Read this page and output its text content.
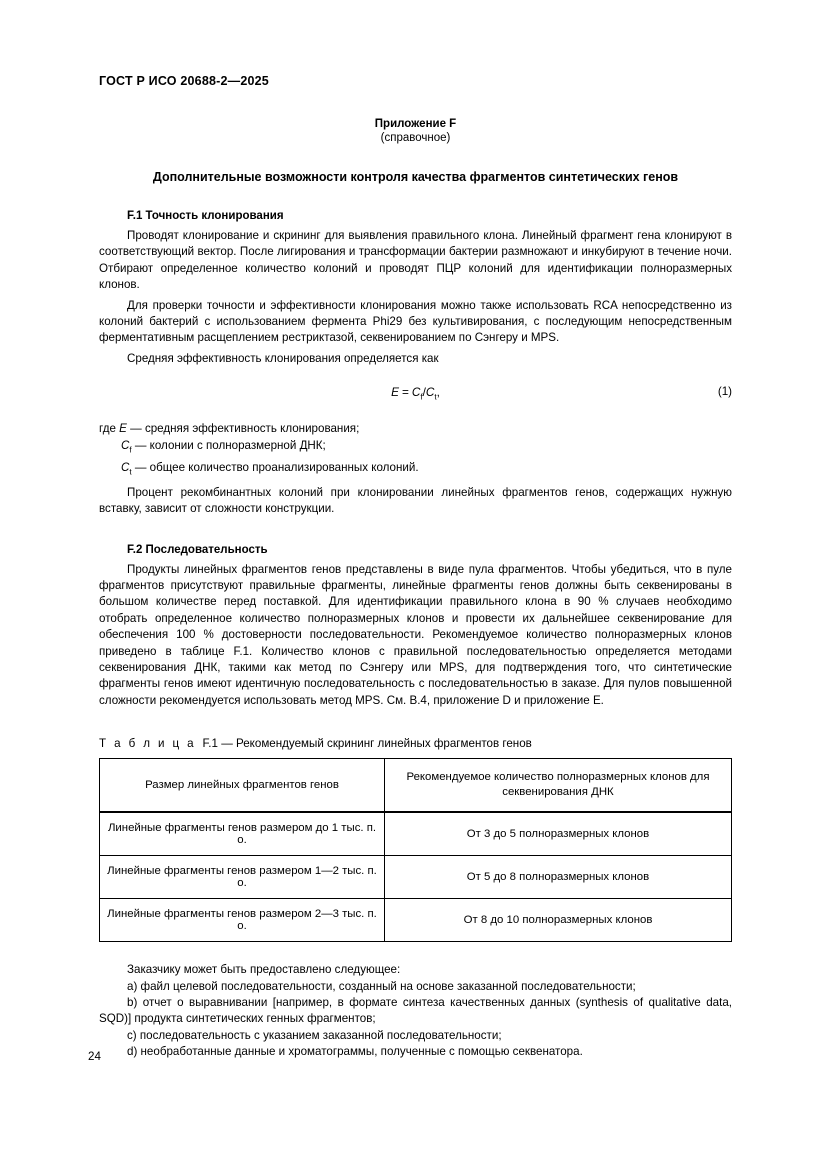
ГОСТ Р ИСО 20688-2—2025
Приложение F
(справочное)
Дополнительные возможности контроля качества фрагментов синтетических генов
F.1 Точность клонирования

Проводят клонирование и скрининг для выявления правильного клона. Линейный фрагмент гена клонируют в соответствующий вектор. После лигирования и трансформации бактерии размножают и инкубируют в течение ночи. Отбирают определенное количество колоний и проводят ПЦР колоний для идентификации полноразмерных клонов.

Для проверки точности и эффективности клонирования можно также использовать RCA непосредственно из колоний бактерий с использованием фермента Phi29 без культивирования, с последующим непосредственным ферментативным расщеплением рестриктазой, секвенированием по Сэнгеру и MPS.

Средняя эффективность клонирования определяется как

$E = C_f/C_t$,	(1)
где E — средняя эффективность клонирования;
$C_f$ — колонии с полноразмерной ДНК;
$C_t$ — общее количество проанализированных колоний.

Процент рекомбинантных колоний при клонировании линейных фрагментов генов, содержащих нужную вставку, зависит от сложности конструкции.

F.2 Последовательность

Продукты линейных фрагментов генов представлены в виде пула фрагментов. Чтобы убедиться, что в пуле фрагментов присутствуют правильные фрагменты, линейные фрагменты генов должны быть секвенированы в большом количестве перед поставкой. Для идентификации правильного клона в 90 % случаев необходимо отобрать определенное количество полноразмерных клонов и провести их дальнейшее секвенирование для обеспечения 100 % достоверности последовательности. Рекомендуемое количество полноразмерных клонов приведено в таблице F.1. Количество клонов с правильной последовательностью определяется методами секвенирования ДНК, такими как метод по Сэнгеру или MPS, для подтверждения того, что синтетические фрагменты генов имеют идентичную последовательность с последовательностью в заказе. Для пулов повышенной сложности рекомендуется использовать метод MPS. См. B.4, приложение D и приложение E.

Т а б л и ц а F.1 — Рекомендуемый скрининг линейных фрагментов генов
Размер линейных фрагментов генов	Рекомендуемое количество полноразмерных клонов для секвенирования ДНК
Линейные фрагменты генов размером до 1 тыс. п. о.	От 3 до 5 полноразмерных клонов
Линейные фрагменты генов размером 1—2 тыс. п. о.	От 5 до 8 полноразмерных клонов
Линейные фрагменты генов размером 2—3 тыс. п. о.	От 8 до 10 полноразмерных клонов

Заказчику может быть предоставлено следующее:

a) файл целевой последовательности, созданный на основе заказанной последовательности;

b) отчет о выравнивании [например, в формате синтеза качественных данных (synthesis of qualitative data, SQD)] продукта синтетических генных фрагментов;

c) последовательность с указанием заказанной последовательности;

d) необработанные данные и хроматограммы, полученные с помощью секвенатора.

24
